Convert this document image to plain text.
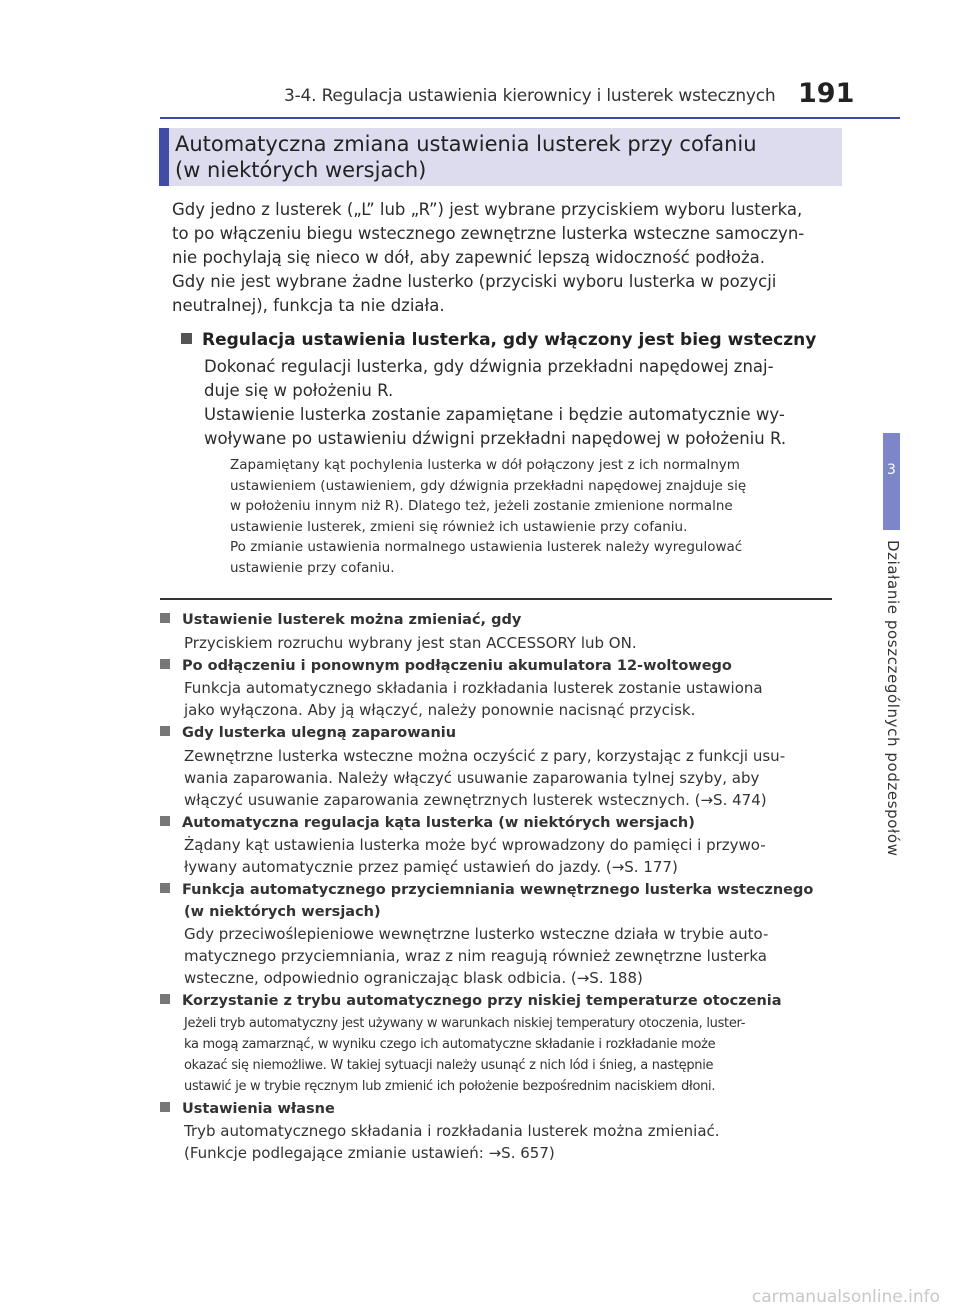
3-4. Regulacja ustawienia kierownicy i lusterek wstecznych 191
3
Działanie poszczególnych podzespołów
Automatyczna zmiana ustawienia lusterek przy cofaniu
(w niektórych wersjach)

Gdy jedno z lusterek („L” lub „R”) jest wybrane przyciskiem wyboru lusterka,

to po włączeniu biegu wstecznego zewnętrzne lusterka wsteczne samoczyn-

nie pochylają się nieco w dół, aby zapewnić lepszą widoczność podłoża.

Gdy nie jest wybrane żadne lusterko (przyciski wyboru lusterka w pozycji

neutralnej), funkcja ta nie działa.

Regulacja ustawienia lusterka, gdy włączony jest bieg wsteczny

Dokonać regulacji lusterka, gdy dźwignia przekładni napędowej znaj-

duje się w położeniu R.

Ustawienie lusterka zostanie zapamiętane i będzie automatycznie wy-

woływane po ustawieniu dźwigni przekładni napędowej w położeniu R.

Zapamiętany kąt pochylenia lusterka w dół połączony jest z ich normalnym

ustawieniem (ustawieniem, gdy dźwignia przekładni napędowej znajduje się

w położeniu innym niż R). Dlatego też, jeżeli zostanie zmienione normalne

ustawienie lusterek, zmieni się również ich ustawienie przy cofaniu.

Po zmianie ustawienia normalnego ustawienia lusterek należy wyregulować

ustawienie przy cofaniu.

Ustawienie lusterek można zmieniać, gdy

Przyciskiem rozruchu wybrany jest stan ACCESSORY lub ON.

Po odłączeniu i ponownym podłączeniu akumulatora 12-woltowego

Funkcja automatycznego składania i rozkładania lusterek zostanie ustawiona

jako wyłączona. Aby ją włączyć, należy ponownie nacisnąć przycisk.

Gdy lusterka ulegną zaparowaniu

Zewnętrzne lusterka wsteczne można oczyścić z pary, korzystając z funkcji usu-

wania zaparowania. Należy włączyć usuwanie zaparowania tylnej szyby, aby

włączyć usuwanie zaparowania zewnętrznych lusterek wstecznych. (→S. 474)

Automatyczna regulacja kąta lusterka (w niektórych wersjach)

Żądany kąt ustawienia lusterka może być wprowadzony do pamięci i przywo-

ływany automatycznie przez pamięć ustawień do jazdy. (→S. 177)

Funkcja automatycznego przyciemniania wewnętrznego lusterka wstecznego
(w niektórych wersjach)

Gdy przeciwoślepieniowe wewnętrzne lusterko wsteczne działa w trybie auto-

matycznego przyciemniania, wraz z nim reagują również zewnętrzne lusterka

wsteczne, odpowiednio ograniczając blask odbicia. (→S. 188)

Korzystanie z trybu automatycznego przy niskiej temperaturze otoczenia

Jeżeli tryb automatyczny jest używany w warunkach niskiej temperatury otoczenia, luster-

ka mogą zamarznąć, w wyniku czego ich automatyczne składanie i rozkładanie może

okazać się niemożliwe. W takiej sytuacji należy usunąć z nich lód i śnieg, a następnie

ustawić je w trybie ręcznym lub zmienić ich położenie bezpośrednim naciskiem dłoni.

Ustawienia własne

Tryb automatycznego składania i rozkładania lusterek można zmieniać.

(Funkcje podlegające zmianie ustawień: →S. 657)

carmanualsonline.info
